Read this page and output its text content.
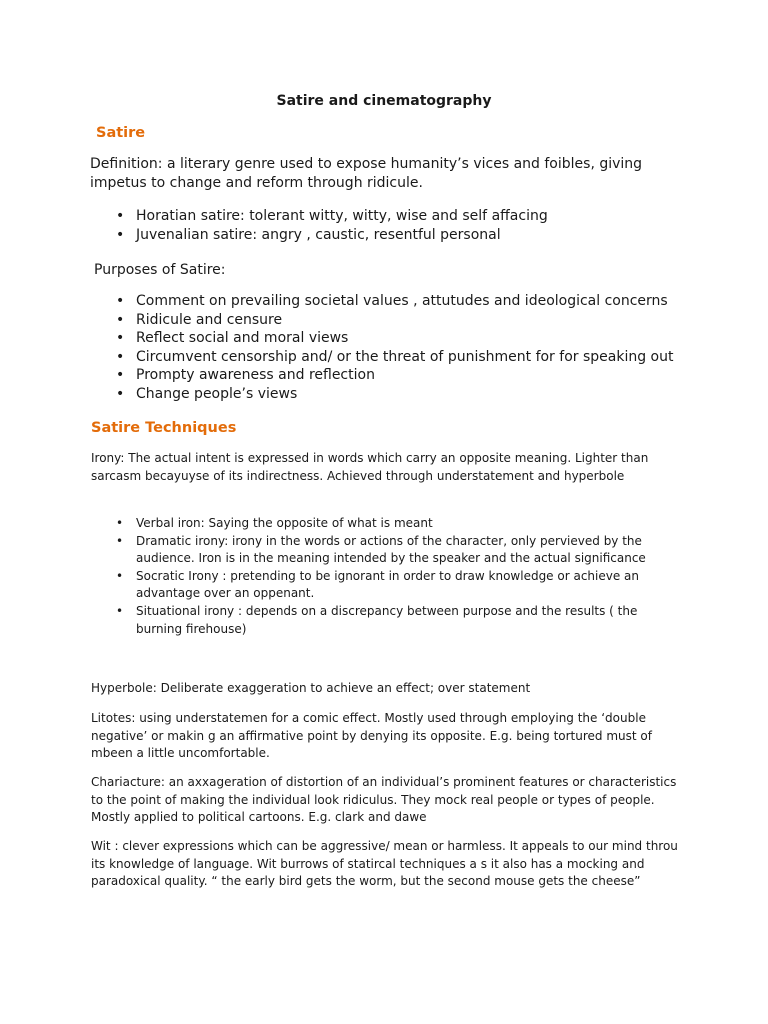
Satire and cinematography
Satire
Definition: a literary genre used to expose humanity’s vices and foibles, giving impetus to change and reform through ridicule.
• Horatian satire: tolerant witty, witty, wise and self affacing
• Juvenalian satire: angry , caustic, resentful personal
Purposes of Satire:
• Comment on prevailing societal values , attutudes and ideological concerns
• Ridicule and censure
• Reflect social and moral views
• Circumvent censorship and/ or the threat of punishment for for speaking out
• Prompty awareness and reflection
• Change people’s views
Satire Techniques
Irony: The actual intent is expressed in words which carry an opposite meaning. Lighter than sarcasm becayuyse of its indirectness. Achieved through understatement and hyperbole
• Verbal iron: Saying the opposite of what is meant
• Dramatic irony: irony in the words or actions of the character, only pervieved by the audience. Iron is in the meaning intended by the speaker and the actual significance
• Socratic Irony : pretending to be ignorant in order to draw knowledge or achieve an advantage over an oppenant.
• Situational irony : depends on a discrepancy between purpose and the results ( the burning firehouse)
Hyperbole: Deliberate exaggeration to achieve an effect; over statement
Litotes: using understatemen for a comic effect. Mostly used through employing the ‘double negative’ or makin g an affirmative point by denying its opposite. E.g. being tortured must of mbeen a little uncomfortable.
Chariacture: an axxageration of distortion of an individual’s prominent features or characteristics to the point of making the individual look ridiculus. They mock real people or types of people. Mostly applied to political cartoons. E.g. clark and dawe
Wit : clever expressions which can be aggressive/ mean or harmless. It appeals to our mind throu its knowledge of language. Wit burrows of statircal techniques a s it also has a mocking and paradoxical quality. “ the early bird gets the worm, but the second mouse gets the cheese”
